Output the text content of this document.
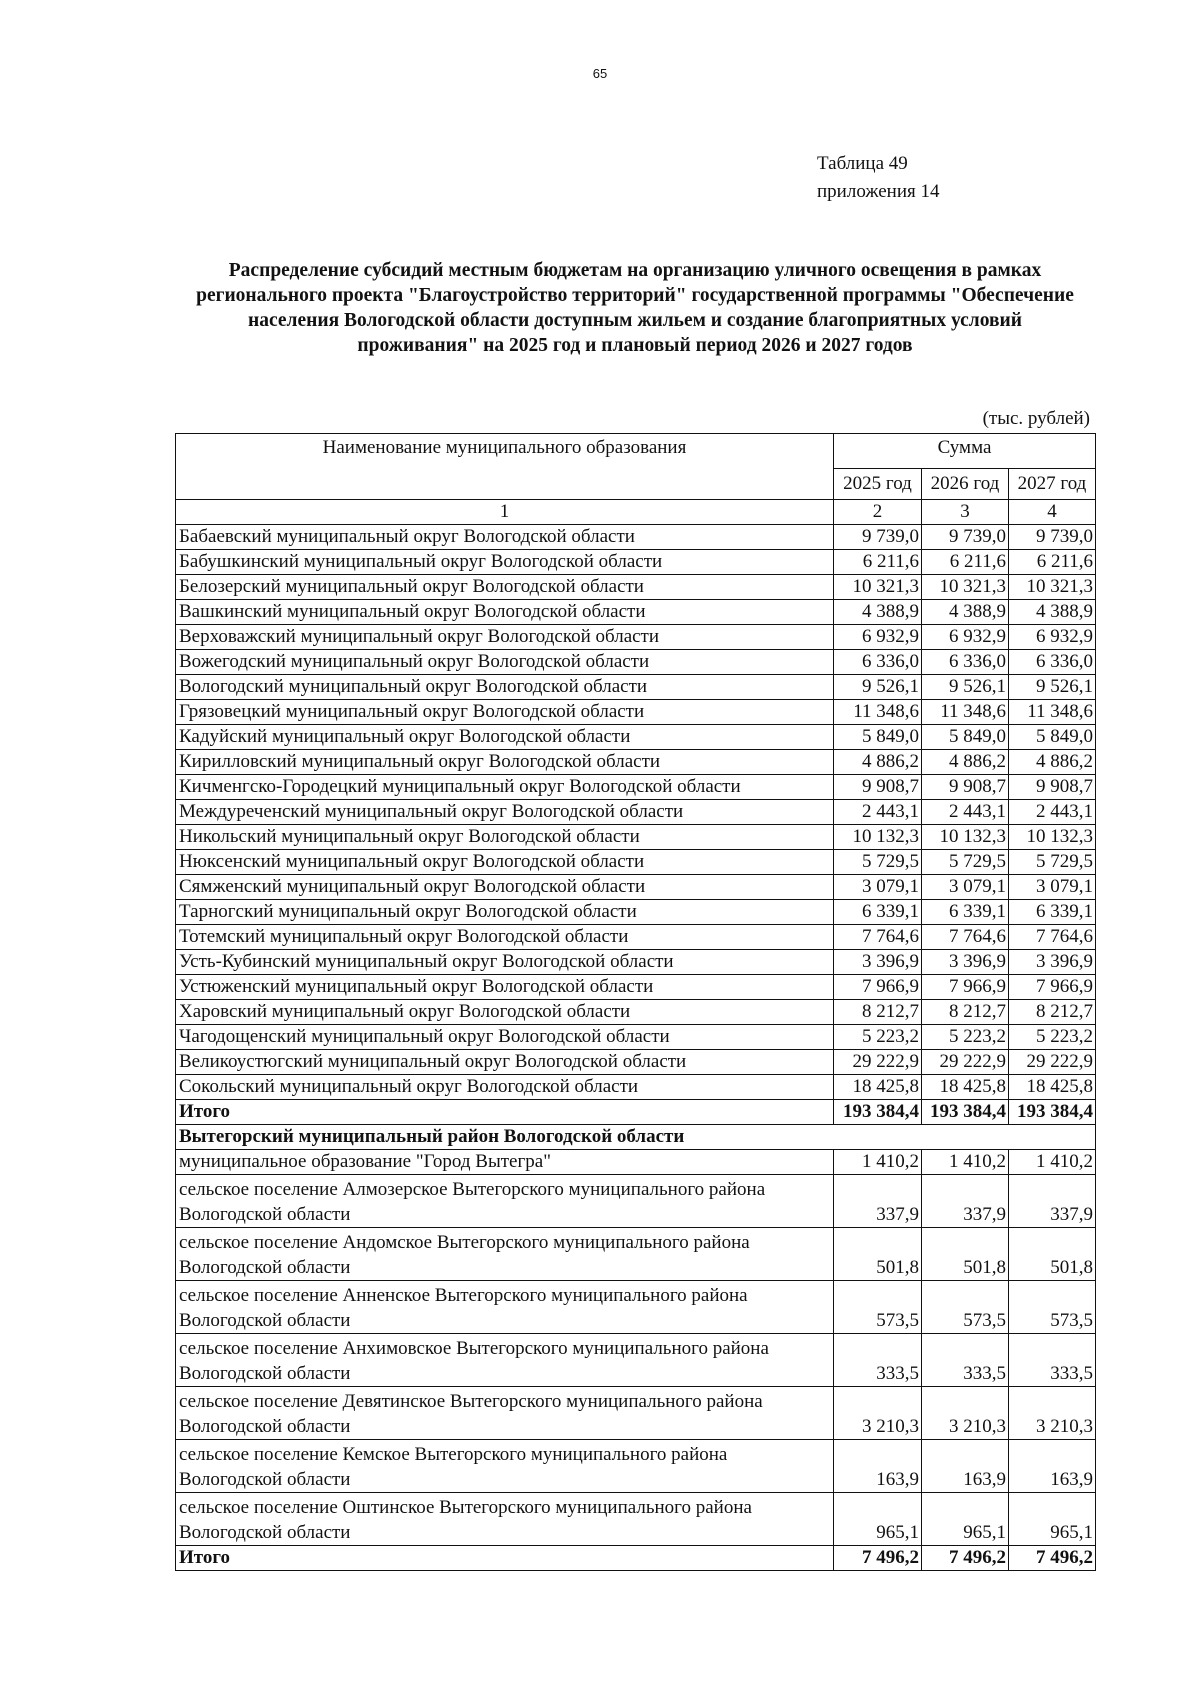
65
Таблица 49
приложения 14
Распределение субсидий местным бюджетам на организацию уличного освещения в рамках
регионального проекта "Благоустройство территорий" государственной программы "Обеспечение
населения Вологодской области доступным жильем и создание благоприятных условий
проживания" на 2025 год и плановый период 2026 и 2027 годов
(тыс. рублей)
Наименование муниципального образования	Сумма		
	2025 год	2026 год	2027 год
1	2	3	4
Бабаевский муниципальный округ Вологодской области	9 739,0	9 739,0	9 739,0
Бабушкинский муниципальный округ Вологодской области	6 211,6	6 211,6	6 211,6
Белозерский муниципальный округ Вологодской области	10 321,3	10 321,3	10 321,3
Вашкинский муниципальный округ Вологодской области	4 388,9	4 388,9	4 388,9
Верховажский муниципальный округ Вологодской области	6 932,9	6 932,9	6 932,9
Вожегодский муниципальный округ Вологодской области	6 336,0	6 336,0	6 336,0
Вологодский муниципальный округ Вологодской области	9 526,1	9 526,1	9 526,1
Грязовецкий муниципальный округ Вологодской области	11 348,6	11 348,6	11 348,6
Кадуйский муниципальный округ Вологодской области	5 849,0	5 849,0	5 849,0
Кирилловский муниципальный округ Вологодской области	4 886,2	4 886,2	4 886,2
Кичменгско-Городецкий муниципальный округ Вологодской области	9 908,7	9 908,7	9 908,7
Междуреченский муниципальный округ Вологодской области	2 443,1	2 443,1	2 443,1
Никольский муниципальный округ Вологодской области	10 132,3	10 132,3	10 132,3
Нюксенский муниципальный округ Вологодской области	5 729,5	5 729,5	5 729,5
Сямженский муниципальный округ Вологодской области	3 079,1	3 079,1	3 079,1
Тарногский муниципальный округ Вологодской области	6 339,1	6 339,1	6 339,1
Тотемский муниципальный округ Вологодской области	7 764,6	7 764,6	7 764,6
Усть-Кубинский муниципальный округ Вологодской области	3 396,9	3 396,9	3 396,9
Устюженский муниципальный округ Вологодской области	7 966,9	7 966,9	7 966,9
Харовский муниципальный округ Вологодской области	8 212,7	8 212,7	8 212,7
Чагодощенский муниципальный округ Вологодской области	5 223,2	5 223,2	5 223,2
Великоустюгский муниципальный округ Вологодской области	29 222,9	29 222,9	29 222,9
Сокольский муниципальный округ Вологодской области	18 425,8	18 425,8	18 425,8
Итого	193 384,4	193 384,4	193 384,4
Вытегорский муниципальный район Вологодской области			
муниципальное образование "Город Вытегра"	1 410,2	1 410,2	1 410,2
сельское поселение Алмозерское Вытегорского муниципального района Вологодской области	337,9	337,9	337,9
сельское поселение Андомское Вытегорского муниципального района Вологодской области	501,8	501,8	501,8
сельское поселение Анненское Вытегорского муниципального района Вологодской области	573,5	573,5	573,5
сельское поселение Анхимовское Вытегорского муниципального района Вологодской области	333,5	333,5	333,5
сельское поселение Девятинское Вытегорского муниципального района Вологодской области	3 210,3	3 210,3	3 210,3
сельское поселение Кемское Вытегорского муниципального района Вологодской области	163,9	163,9	163,9
сельское поселение Оштинское Вытегорского муниципального района Вологодской области	965,1	965,1	965,1
Итого	7 496,2	7 496,2	7 496,2
